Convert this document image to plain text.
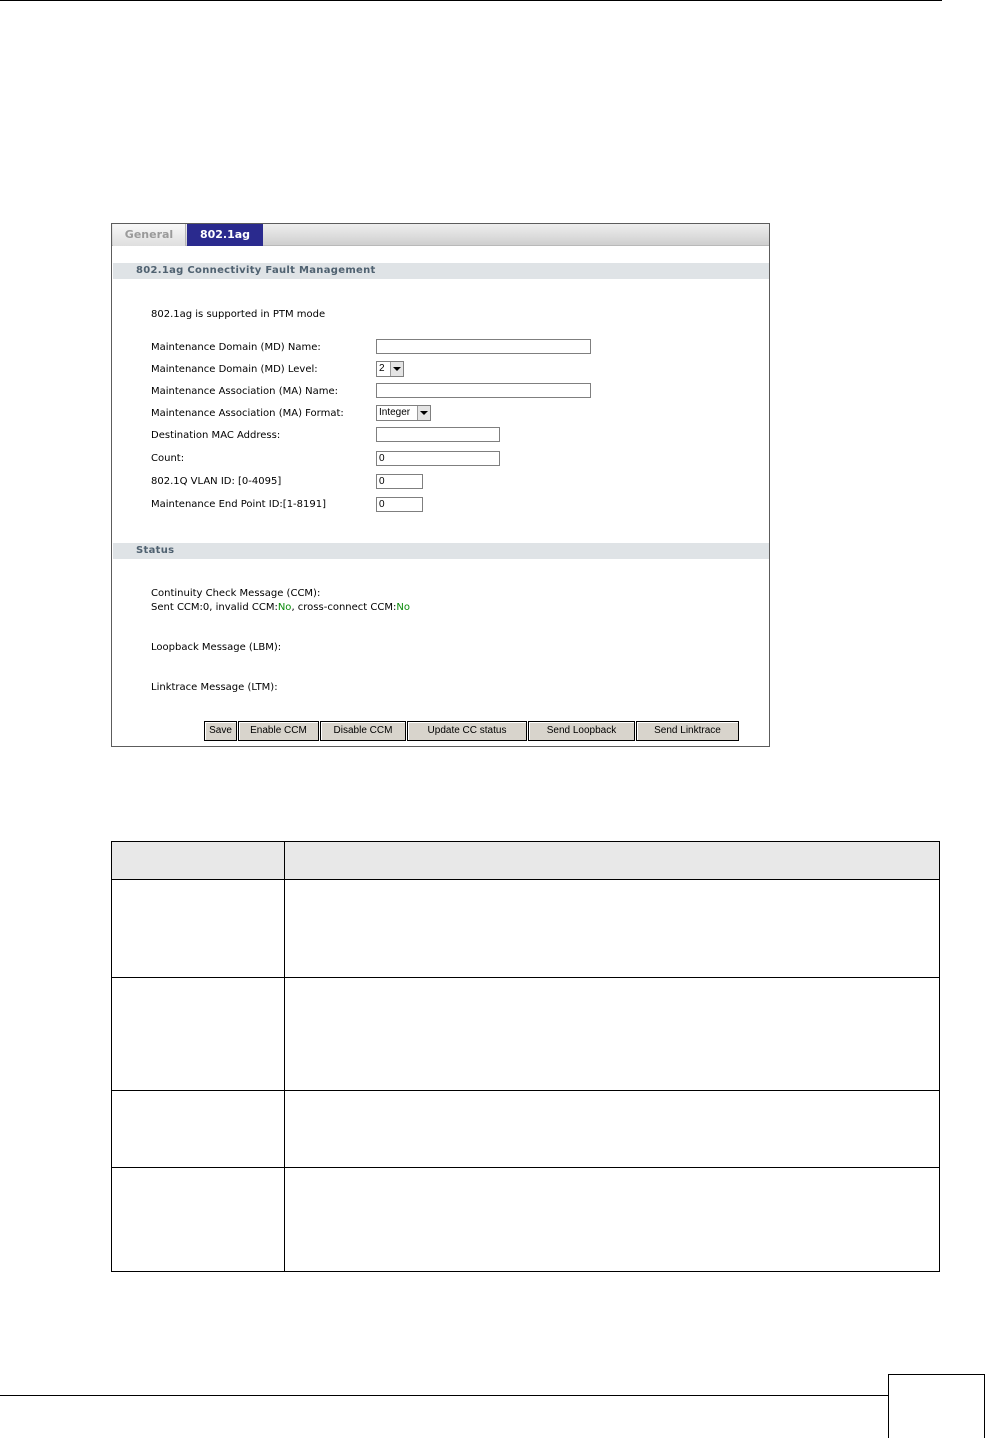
General	802.1ag
802.1ag Connectivity Fault Management
802.1ag is supported in PTM mode
Maintenance Domain (MD) Name:
Maintenance Domain (MD) Level:	2
Maintenance Association (MA) Name:
Maintenance Association (MA) Format:	Integer
Destination MAC Address:
Count:	0
802.1Q VLAN ID: [0-4095]	0
Maintenance End Point ID:[1-8191]	0
Status
Continuity Check Message (CCM):
Sent CCM:0, invalid CCM:No, cross-connect CCM:No
Loopback Message (LBM):
Linktrace Message (LTM):
Save	Enable CCM	Disable CCM	Update CC status	Send Loopback	Send Linktrace
